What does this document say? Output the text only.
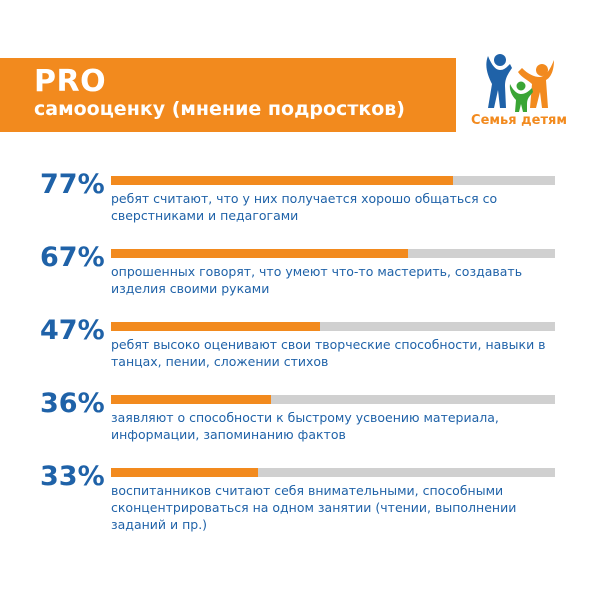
PRO
самооценку (мнение подростков)
Семья детям
77% ребят считают, что у них получается хорошо общаться со сверстниками и педагогами
67% опрошенных говорят, что умеют что-то мастерить, создавать изделия своими руками
47% ребят высоко оценивают свои творческие способности, навыки в танцах, пении, сложении стихов
36% заявляют о способности к быстрому усвоению материала, информации, запоминанию фактов
33% воспитанников считают себя внимательными, способными сконцентрироваться на одном занятии (чтении, выполнении заданий и пр.)
